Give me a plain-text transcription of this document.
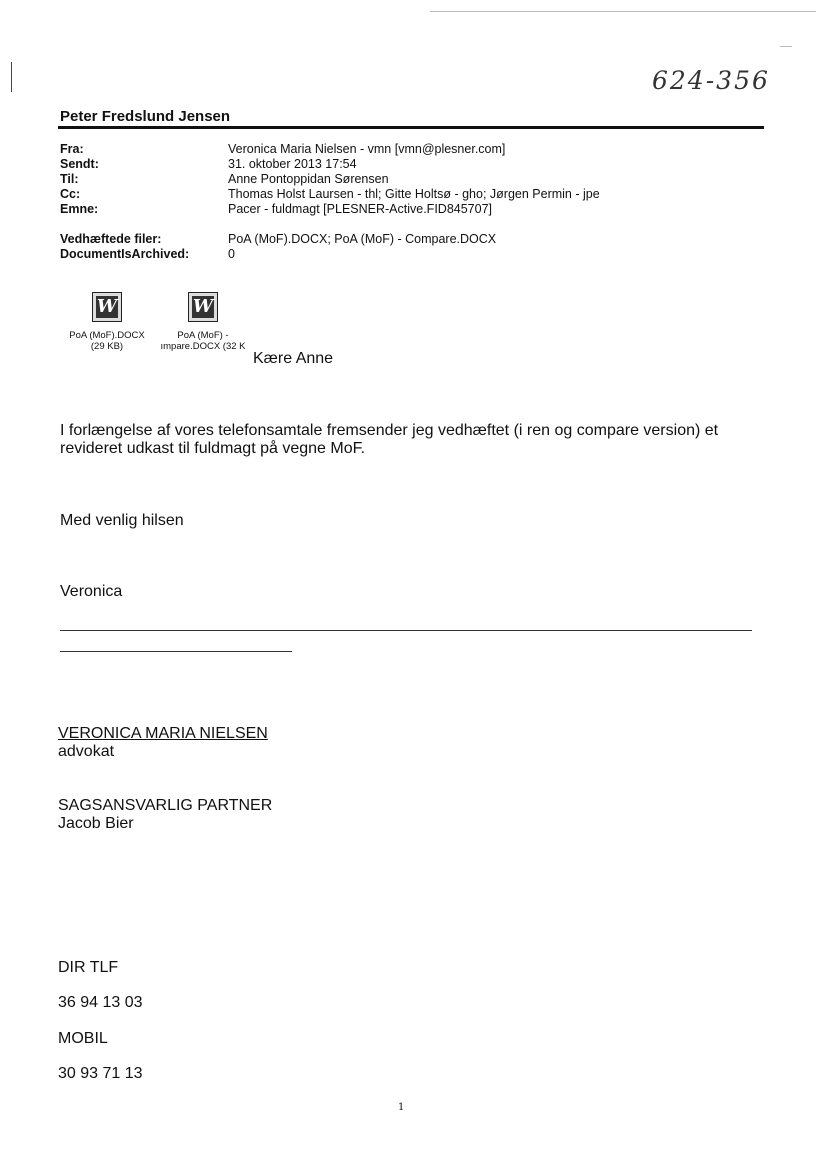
624-356
Peter Fredslund Jensen
Fra:	Veronica Maria Nielsen - vmn [vmn@plesner.com]
Sendt:	31. oktober 2013 17:54
Til:	Anne Pontoppidan Sørensen
Cc:	Thomas Holst Laursen - thl; Gitte Holtsø - gho; Jørgen Permin - jpe
Emne:	Pacer - fuldmagt [PLESNER-Active.FID845707]
Vedhæftede filer:	PoA (MoF).DOCX; PoA (MoF) - Compare.DOCX
DocumentIsArchived:	0
W
PoA (MoF).DOCX
(29 KB)
W
PoA (MoF) -
ımpare.DOCX (32 K
Kære Anne
I forlængelse af vores telefonsamtale fremsender jeg vedhæftet (i ren og compare version) et
revideret udkast til fuldmagt på vegne MoF.
Med venlig hilsen
Veronica
VERONICA MARIA NIELSEN
advokat
SAGSANSVARLIG PARTNER
Jacob Bier
DIR TLF
36 94 13 03
MOBIL
30 93 71 13
1
